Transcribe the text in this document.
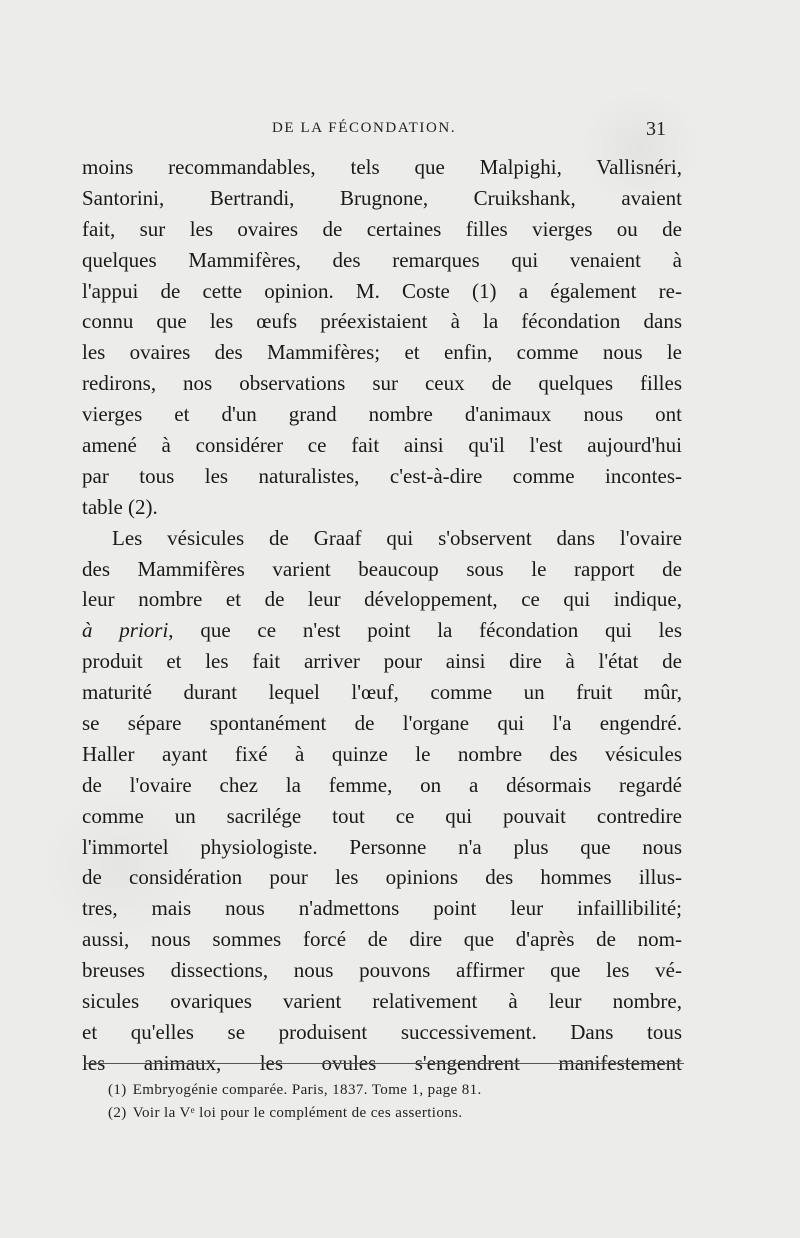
DE LA FÉCONDATION.	31
moins recommandables, tels que Malpighi, Vallisnéri,
Santorini, Bertrandi, Brugnone, Cruikshank, avaient
fait, sur les ovaires de certaines filles vierges ou de
quelques Mammifères, des remarques qui venaient à
l'appui de cette opinion. M. Coste (1) a également re-
connu que les œufs préexistaient à la fécondation dans
les ovaires des Mammifères; et enfin, comme nous le
redirons, nos observations sur ceux de quelques filles
vierges et d'un grand nombre d'animaux nous ont
amené à considérer ce fait ainsi qu'il l'est aujourd'hui
par tous les naturalistes, c'est-à-dire comme incontes-
table (2).
Les vésicules de Graaf qui s'observent dans l'ovaire
des Mammifères varient beaucoup sous le rapport de
leur nombre et de leur développement, ce qui indique,
à priori, que ce n'est point la fécondation qui les
produit et les fait arriver pour ainsi dire à l'état de
maturité durant lequel l'œuf, comme un fruit mûr,
se sépare spontanément de l'organe qui l'a engendré.
Haller ayant fixé à quinze le nombre des vésicules
de l'ovaire chez la femme, on a désormais regardé
comme un sacrilége tout ce qui pouvait contredire
l'immortel physiologiste. Personne n'a plus que nous
de considération pour les opinions des hommes illus-
tres, mais nous n'admettons point leur infaillibilité;
aussi, nous sommes forcé de dire que d'après de nom-
breuses dissections, nous pouvons affirmer que les vé-
sicules ovariques varient relativement à leur nombre,
et qu'elles se produisent successivement. Dans tous
les animaux, les ovules s'engendrent manifestement
(1) Embryogénie comparée. Paris, 1837. Tome 1, page 81.
(2) Voir la Vᵉ loi pour le complément de ces assertions.
